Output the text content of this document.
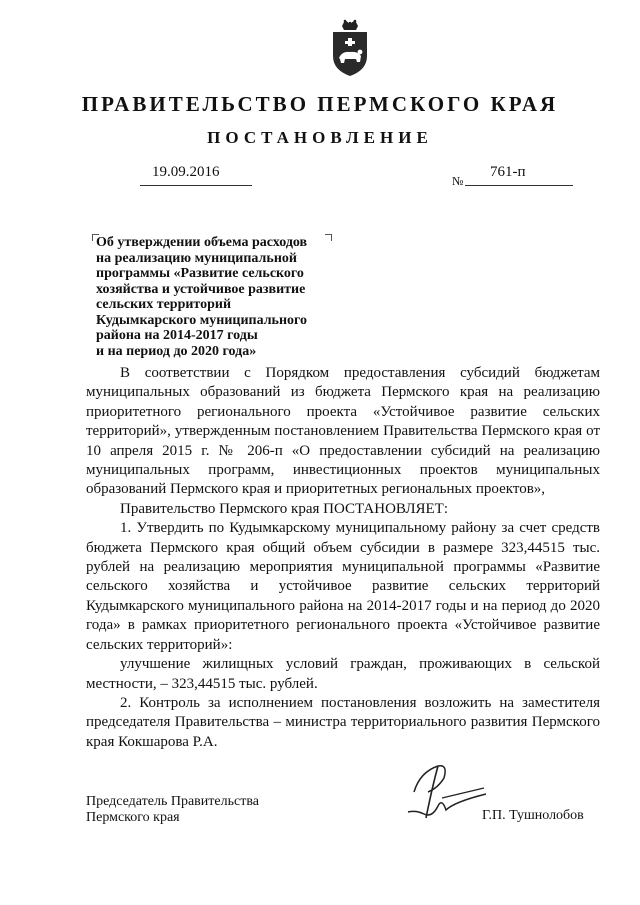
ПРАВИТЕЛЬСТВО ПЕРМСКОГО КРАЯ
ПОСТАНОВЛЕНИЕ
19.09.2016
№
761-п
Об утверждении объема расходов
на реализацию муниципальной
программы «Развитие сельского
хозяйства и устойчивое развитие
сельских территорий
Кудымкарского муниципального
района на 2014-2017 годы
и на период до 2020 года»

В соответствии с Порядком предоставления субсидий бюджетам муниципальных образований из бюджета Пермского края на реализацию приоритетного регионального проекта «Устойчивое развитие сельских территорий», утвержденным постановлением Правительства Пермского края от 10 апреля 2015 г. № 206-п «О предоставлении субсидий на реализацию муниципальных программ, инвестиционных проектов муниципальных образований Пермского края и приоритетных региональных проектов»,

Правительство Пермского края ПОСТАНОВЛЯЕТ:

1. Утвердить по Кудымкарскому муниципальному району за счет средств бюджета Пермского края общий объем субсидии в размере 323,44515 тыс. рублей на реализацию мероприятия муниципальной программы «Развитие сельского хозяйства и устойчивое развитие сельских территорий Кудымкарского муниципального района на 2014-2017 годы и на период до 2020 года» в рамках приоритетного регионального проекта «Устойчивое развитие сельских территорий»:

улучшение жилищных условий граждан, проживающих в сельской местности, – 323,44515 тыс. рублей.

2. Контроль за исполнением постановления возложить на заместителя председателя Правительства – министра территориального развития Пермского края Кокшарова Р.А.

Председатель Правительства
Пермского края	Г.П. Тушнолобов
